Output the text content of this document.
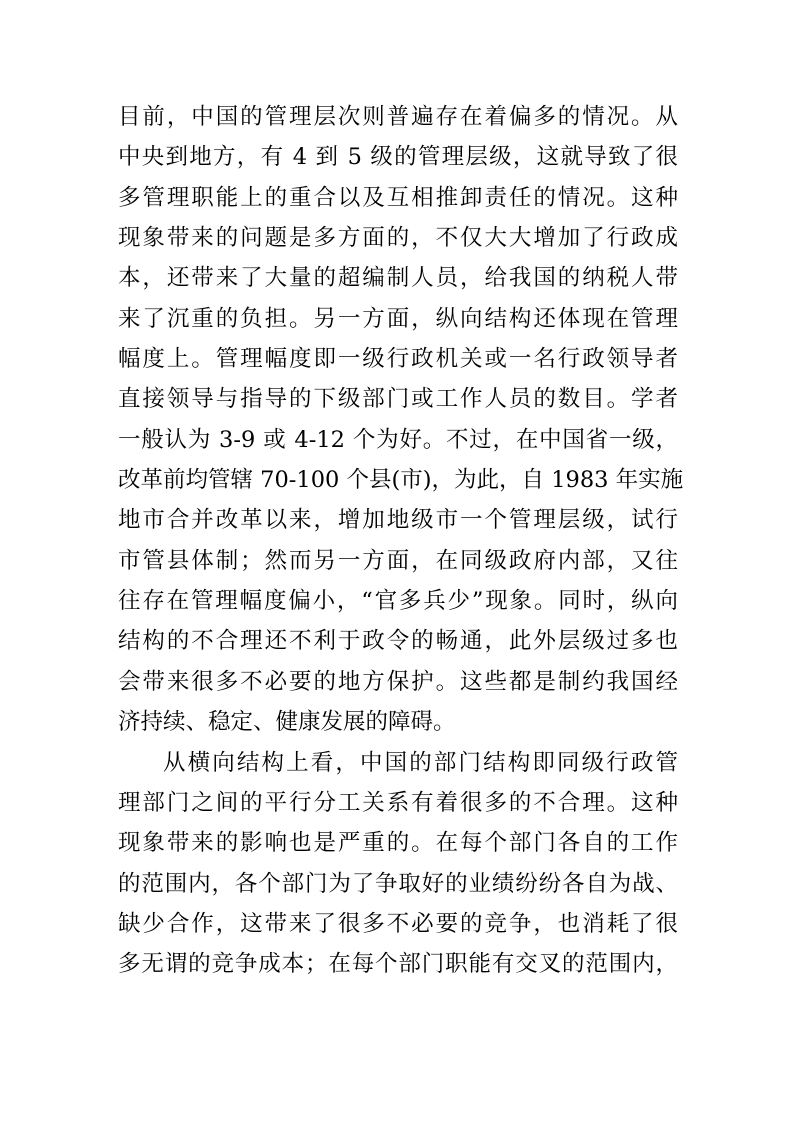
目前，中国的管理层次则普遍存在着偏多的情况。从
中央到地方，有 4 到 5 级的管理层级，这就导致了很
多管理职能上的重合以及互相推卸责任的情况。这种
现象带来的问题是多方面的，不仅大大增加了行政成
本，还带来了大量的超编制人员，给我国的纳税人带
来了沉重的负担。另一方面，纵向结构还体现在管理
幅度上。管理幅度即一级行政机关或一名行政领导者
直接领导与指导的下级部门或工作人员的数目。学者
一般认为 3-9 或 4-12 个为好。不过，在中国省一级，
改革前均管辖 70-100 个县(市)，为此，自 1983 年实施
地市合并改革以来，增加地级市一个管理层级，试行
市管县体制；然而另一方面，在同级政府内部，又往
往存在管理幅度偏小，“官多兵少”现象。同时，纵向
结构的不合理还不利于政令的畅通，此外层级过多也
会带来很多不必要的地方保护。这些都是制约我国经
济持续、稳定、健康发展的障碍。

从横向结构上看，中国的部门结构即同级行政管
理部门之间的平行分工关系有着很多的不合理。这种
现象带来的影响也是严重的。在每个部门各自的工作
的范围内，各个部门为了争取好的业绩纷纷各自为战、
缺少合作，这带来了很多不必要的竞争，也消耗了很
多无谓的竞争成本；在每个部门职能有交叉的范围内，
